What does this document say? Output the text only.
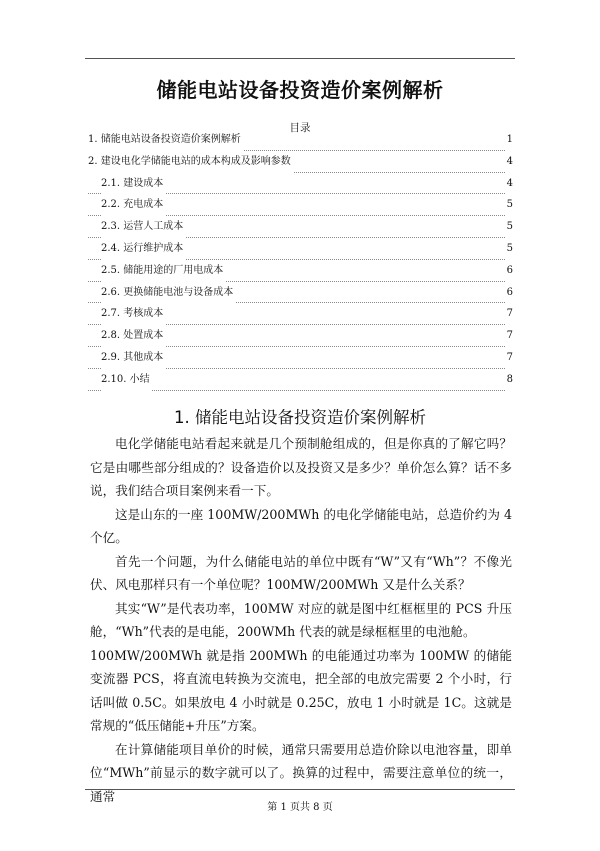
储能电站设备投资造价案例解析
目录
1. 储能电站设备投资造价案例解析	1
2. 建设电化学储能电站的成本构成及影响参数	4
2.1. 建设成本	4
2.2. 充电成本	5
2.3. 运营人工成本	5
2.4. 运行维护成本	5
2.5. 储能用途的厂用电成本	6
2.6. 更换储能电池与设备成本	6
2.7. 考核成本	7
2.8. 处置成本	7
2.9. 其他成本	7
2.10. 小结	8
1. 储能电站设备投资造价案例解析

电化学储能电站看起来就是几个预制舱组成的，但是你真的了解它吗？它是由哪些部分组成的？设备造价以及投资又是多少？单价怎么算？话不多说，我们结合项目案例来看一下。

这是山东的一座 100MW/200MWh 的电化学储能电站，总造价约为 4 个亿。

首先一个问题，为什么储能电站的单位中既有“W”又有“Wh”？不像光伏、风电那样只有一个单位呢？100MW/200MWh 又是什么关系？

其实“W”是代表功率，100MW 对应的就是图中红框框里的 PCS 升压舱，“Wh”代表的是电能，200WMh 代表的就是绿框框里的电池舱。

100MW/200MWh 就是指 200MWh 的电能通过功率为 100MW 的储能变流器 PCS，将直流电转换为交流电，把全部的电放完需要 2 个小时，行话叫做 0.5C。如果放电 4 小时就是 0.25C，放电 1 小时就是 1C。这就是常规的“低压储能+升压”方案。

在计算储能项目单价的时候，通常只需要用总造价除以电池容量，即单位“MWh”前显示的数字就可以了。换算的过程中，需要注意单位的统一，通常

第 1 页共 8 页
